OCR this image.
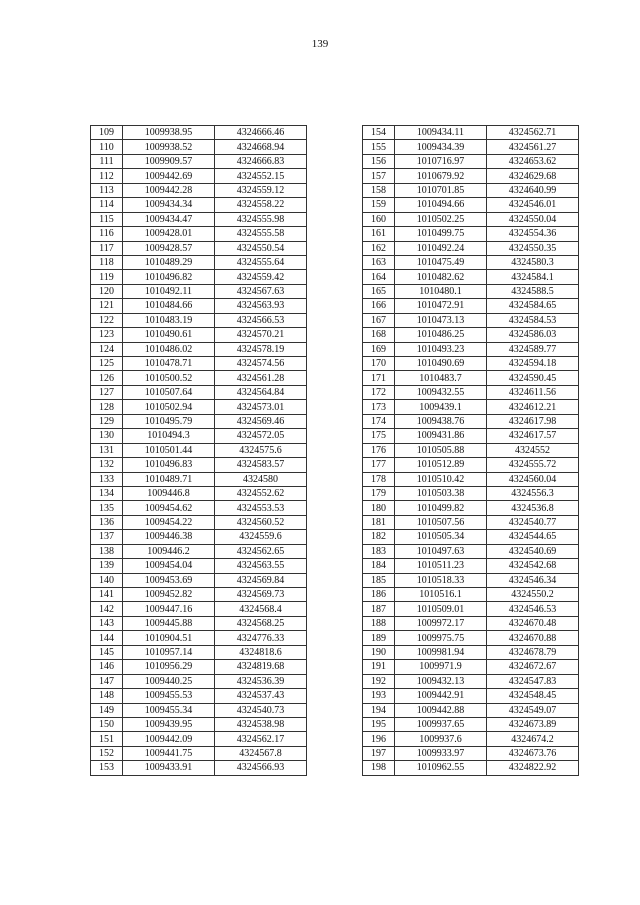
139
109	1009938.95	4324666.46
110	1009938.52	4324668.94
111	1009909.57	4324666.83
112	1009442.69	4324552.15
113	1009442.28	4324559.12
114	1009434.34	4324558.22
115	1009434.47	4324555.98
116	1009428.01	4324555.58
117	1009428.57	4324550.54
118	1010489.29	4324555.64
119	1010496.82	4324559.42
120	1010492.11	4324567.63
121	1010484.66	4324563.93
122	1010483.19	4324566.53
123	1010490.61	4324570.21
124	1010486.02	4324578.19
125	1010478.71	4324574.56
126	1010500.52	4324561.28
127	1010507.64	4324564.84
128	1010502.94	4324573.01
129	1010495.79	4324569.46
130	1010494.3	4324572.05
131	1010501.44	4324575.6
132	1010496.83	4324583.57
133	1010489.71	4324580
134	1009446.8	4324552.62
135	1009454.62	4324553.53
136	1009454.22	4324560.52
137	1009446.38	4324559.6
138	1009446.2	4324562.65
139	1009454.04	4324563.55
140	1009453.69	4324569.84
141	1009452.82	4324569.73
142	1009447.16	4324568.4
143	1009445.88	4324568.25
144	1010904.51	4324776.33
145	1010957.14	4324818.6
146	1010956.29	4324819.68
147	1009440.25	4324536.39
148	1009455.53	4324537.43
149	1009455.34	4324540.73
150	1009439.95	4324538.98
151	1009442.09	4324562.17
152	1009441.75	4324567.8
153	1009433.91	4324566.93
154	1009434.11	4324562.71
155	1009434.39	4324561.27
156	1010716.97	4324653.62
157	1010679.92	4324629.68
158	1010701.85	4324640.99
159	1010494.66	4324546.01
160	1010502.25	4324550.04
161	1010499.75	4324554.36
162	1010492.24	4324550.35
163	1010475.49	4324580.3
164	1010482.62	4324584.1
165	1010480.1	4324588.5
166	1010472.91	4324584.65
167	1010473.13	4324584.53
168	1010486.25	4324586.03
169	1010493.23	4324589.77
170	1010490.69	4324594.18
171	1010483.7	4324590.45
172	1009432.55	4324611.56
173	1009439.1	4324612.21
174	1009438.76	4324617.98
175	1009431.86	4324617.57
176	1010505.88	4324552
177	1010512.89	4324555.72
178	1010510.42	4324560.04
179	1010503.38	4324556.3
180	1010499.82	4324536.8
181	1010507.56	4324540.77
182	1010505.34	4324544.65
183	1010497.63	4324540.69
184	1010511.23	4324542.68
185	1010518.33	4324546.34
186	1010516.1	4324550.2
187	1010509.01	4324546.53
188	1009972.17	4324670.48
189	1009975.75	4324670.88
190	1009981.94	4324678.79
191	1009971.9	4324672.67
192	1009432.13	4324547.83
193	1009442.91	4324548.45
194	1009442.88	4324549.07
195	1009937.65	4324673.89
196	1009937.6	4324674.2
197	1009933.97	4324673.76
198	1010962.55	4324822.92
